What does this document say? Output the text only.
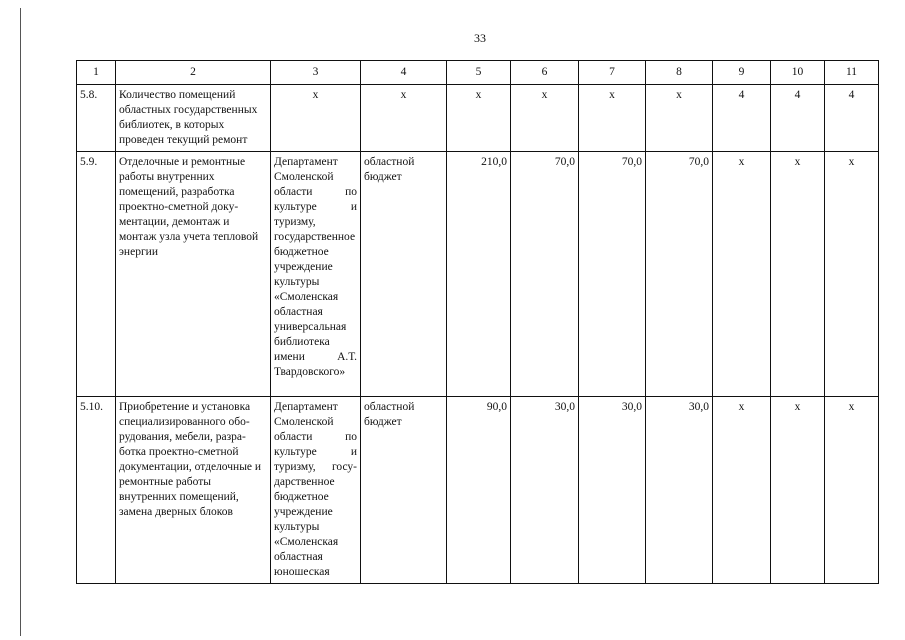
33
1	2	3	4	5	6	7	8	9	10	11
5.8.	Количество помещений областных государственных библиотек, в которых проведен текущий ремонт	x	x	x	x	x	x	4	4	4
5.9.	Отделочные и ремонтные работы внутренних помещений, разработка проектно-сметной документации, демонтаж и монтаж узла учета тепловой энергии	Департамент Смоленской области по культуре и туризму, государственное бюджетное учреждение культуры «Смоленская областная универсальная библиотека имени А.Т. Твардовского»	областной бюджет	210,0	70,0	70,0	70,0	x	x	x
5.10.	Приобретение и установка специализированного оборудования, мебели, разработка проектно-сметной документации, отделочные и ремонтные работы внутренних помещений, замена дверных блоков	Департамент Смоленской области по культуре и туризму, государственное бюджетное учреждение культуры «Смоленская областная юношеская	областной бюджет	90,0	30,0	30,0	30,0	x	x	x
